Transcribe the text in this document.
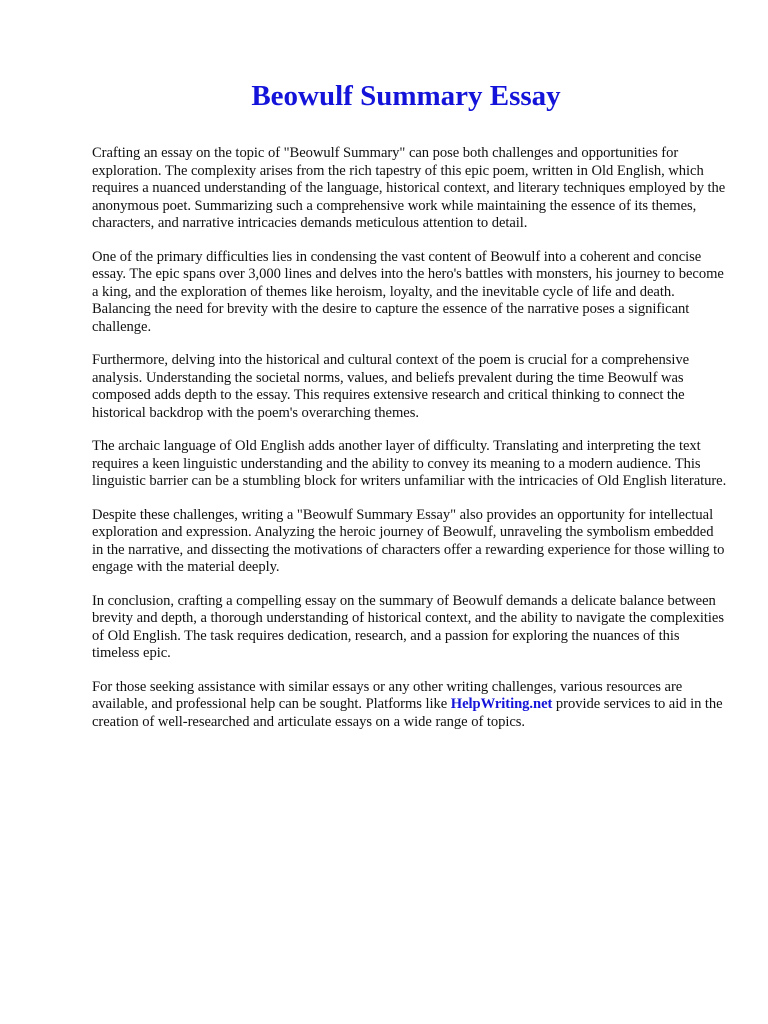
Beowulf Summary Essay

Crafting an essay on the topic of "Beowulf Summary" can pose both challenges and opportunities for exploration. The complexity arises from the rich tapestry of this epic poem, written in Old English, which requires a nuanced understanding of the language, historical context, and literary techniques employed by the anonymous poet. Summarizing such a comprehensive work while maintaining the essence of its themes, characters, and narrative intricacies demands meticulous attention to detail.

One of the primary difficulties lies in condensing the vast content of Beowulf into a coherent and concise essay. The epic spans over 3,000 lines and delves into the hero's battles with monsters, his journey to become a king, and the exploration of themes like heroism, loyalty, and the inevitable cycle of life and death. Balancing the need for brevity with the desire to capture the essence of the narrative poses a significant challenge.

Furthermore, delving into the historical and cultural context of the poem is crucial for a comprehensive analysis. Understanding the societal norms, values, and beliefs prevalent during the time Beowulf was composed adds depth to the essay. This requires extensive research and critical thinking to connect the historical backdrop with the poem's overarching themes.

The archaic language of Old English adds another layer of difficulty. Translating and interpreting the text requires a keen linguistic understanding and the ability to convey its meaning to a modern audience. This linguistic barrier can be a stumbling block for writers unfamiliar with the intricacies of Old English literature.

Despite these challenges, writing a "Beowulf Summary Essay" also provides an opportunity for intellectual exploration and expression. Analyzing the heroic journey of Beowulf, unraveling the symbolism embedded in the narrative, and dissecting the motivations of characters offer a rewarding experience for those willing to engage with the material deeply.

In conclusion, crafting a compelling essay on the summary of Beowulf demands a delicate balance between brevity and depth, a thorough understanding of historical context, and the ability to navigate the complexities of Old English. The task requires dedication, research, and a passion for exploring the nuances of this timeless epic.

For those seeking assistance with similar essays or any other writing challenges, various resources are available, and professional help can be sought. Platforms like HelpWriting.net provide services to aid in the creation of well-researched and articulate essays on a wide range of topics.
